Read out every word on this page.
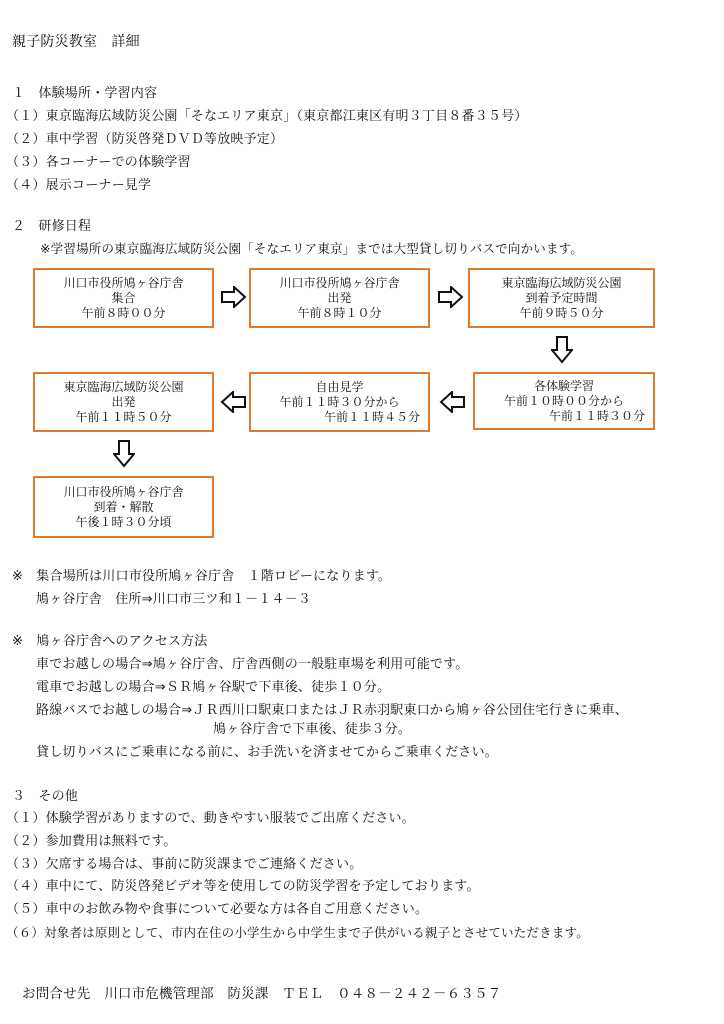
親子防災教室　詳細
１　体験場所・学習内容
（１）東京臨海広域防災公園「そなエリア東京」（東京都江東区有明３丁目８番３５号）
（２）車中学習（防災啓発ＤＶＤ等放映予定）
（３）各コーナーでの体験学習
（４）展示コーナー見学
２　研修日程
※学習場所の東京臨海広域防災公園「そなエリア東京」までは大型貸し切りバスで向かいます。
川口市役所鳩ヶ谷庁舎
集合
午前８時００分
川口市役所鳩ヶ谷庁舎
出発
午前８時１０分
東京臨海広域防災公園
到着予定時間
午前９時５０分
各体験学習
午前１０時００分から
午前１１時３０分
自由見学
午前１１時３０分から
午前１１時４５分
東京臨海広域防災公園
出発
午前１１時５０分
川口市役所鳩ヶ谷庁舎
到着・解散
午後１時３０分頃
※　集合場所は川口市役所鳩ヶ谷庁舎　１階ロビーになります。
鳩ヶ谷庁舎　住所⇒川口市三ツ和１－１４－３
※　鳩ヶ谷庁舎へのアクセス方法
車でお越しの場合⇒鳩ヶ谷庁舎、庁舎西側の一般駐車場を利用可能です。
電車でお越しの場合⇒ＳＲ鳩ヶ谷駅で下車後、徒歩１０分。
路線バスでお越しの場合⇒ＪＲ西川口駅東口またはＪＲ赤羽駅東口から鳩ヶ谷公団住宅行きに乗車、
鳩ヶ谷庁舎で下車後、徒歩３分。
貸し切りバスにご乗車になる前に、お手洗いを済ませてからご乗車ください。
３　その他
（１）体験学習がありますので、動きやすい服装でご出席ください。
（２）参加費用は無料です。
（３）欠席する場合は、事前に防災課までご連絡ください。
（４）車中にて、防災啓発ビデオ等を使用しての防災学習を予定しております。
（５）車中のお飲み物や食事について必要な方は各自ご用意ください。
（６）対象者は原則として、市内在住の小学生から中学生まで子供がいる親子とさせていただきます。
お問合せ先　川口市危機管理部　防災課　ＴＥＬ　０４８－２４２－６３５７
